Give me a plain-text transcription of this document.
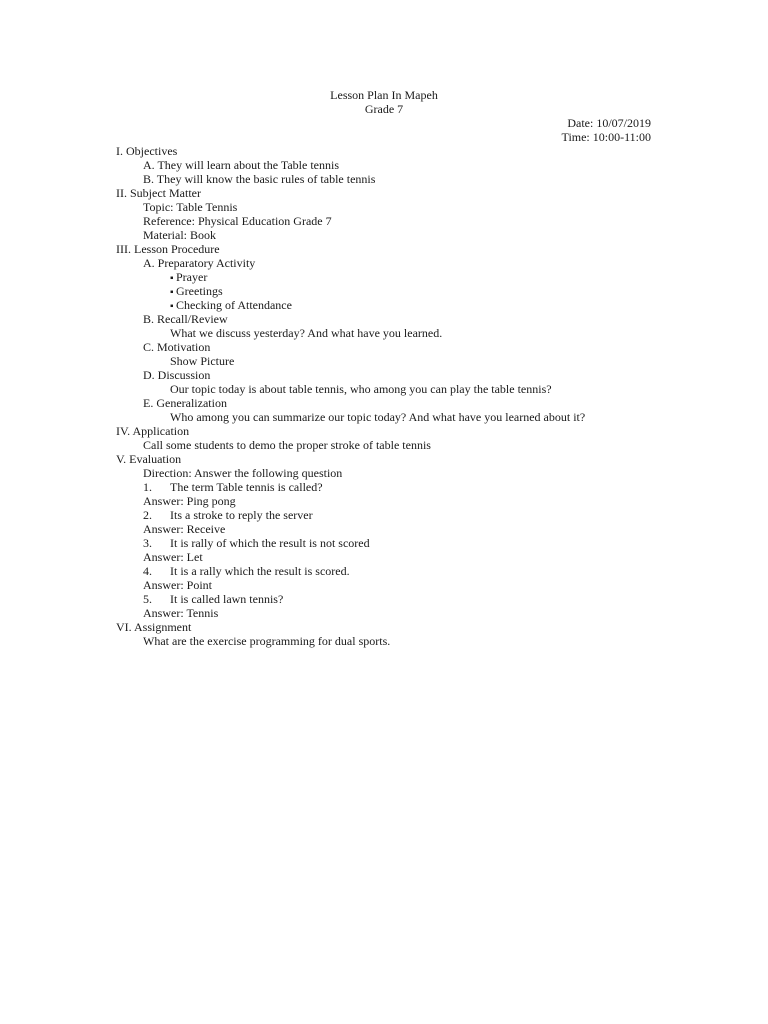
Lesson Plan In Mapeh
Grade 7
Date: 10/07/2019
Time: 10:00-11:00
I. Objectives
A. They will learn about the Table tennis
B. They will know the basic rules of table tennis
II. Subject Matter
Topic: Table Tennis
Reference: Physical Education Grade 7
Material: Book
III. Lesson Procedure
A. Preparatory Activity
▪ Prayer
▪ Greetings
▪ Checking of Attendance
B. Recall/Review
What we discuss yesterday? And what have you learned.
C. Motivation
Show Picture
D. Discussion
Our topic today is about table tennis, who among you can play the table tennis?
E. Generalization
Who among you can summarize our topic today? And what have you learned about it?
IV. Application
Call some students to demo the proper stroke of table tennis
V. Evaluation
Direction: Answer the following question
1. The term Table tennis is called?
Answer: Ping pong
2. Its a stroke to reply the server
Answer: Receive
3. It is rally of which the result is not scored
Answer: Let
4. It is a rally which the result is scored.
Answer: Point
5. It is called lawn tennis?
Answer: Tennis
VI. Assignment
What are the exercise programming for dual sports.
